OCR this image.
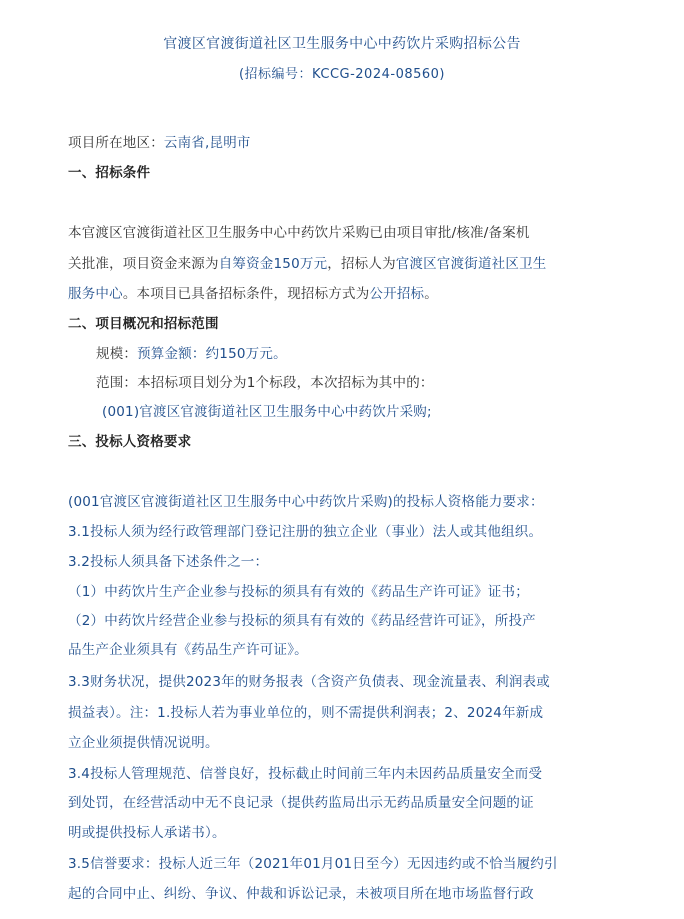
官渡区官渡街道社区卫生服务中心中药饮片采购招标公告
(招标编号：KCCG-2024-08560)
项目所在地区：云南省,昆明市
一、招标条件
本官渡区官渡街道社区卫生服务中心中药饮片采购已由项目审批/核准/备案机
关批准，项目资金来源为自筹资金150万元，招标人为官渡区官渡街道社区卫生
服务中心。本项目已具备招标条件，现招标方式为公开招标。
二、项目概况和招标范围
规模：预算金额：约150万元。
范围：本招标项目划分为1个标段，本次招标为其中的：
(001)官渡区官渡街道社区卫生服务中心中药饮片采购;
三、投标人资格要求
(001官渡区官渡街道社区卫生服务中心中药饮片采购)的投标人资格能力要求：
3.1投标人须为经行政管理部门登记注册的独立企业（事业）法人或其他组织。
3.2投标人须具备下述条件之一：
（1）中药饮片生产企业参与投标的须具有有效的《药品生产许可证》证书；
（2）中药饮片经营企业参与投标的须具有有效的《药品经营许可证》，所投产
品生产企业须具有《药品生产许可证》。
3.3财务状况，提供2023年的财务报表（含资产负债表、现金流量表、利润表或
损益表）。注：1.投标人若为事业单位的，则不需提供利润表；2、2024年新成
立企业须提供情况说明。
3.4投标人管理规范、信誉良好，投标截止时间前三年内未因药品质量安全而受
到处罚，在经营活动中无不良记录（提供药监局出示无药品质量安全问题的证
明或提供投标人承诺书）。
3.5信誉要求：投标人近三年（2021年01月01日至今）无因违约或不恰当履约引
起的合同中止、纠纷、争议、仲裁和诉讼记录，未被项目所在地市场监督行政
